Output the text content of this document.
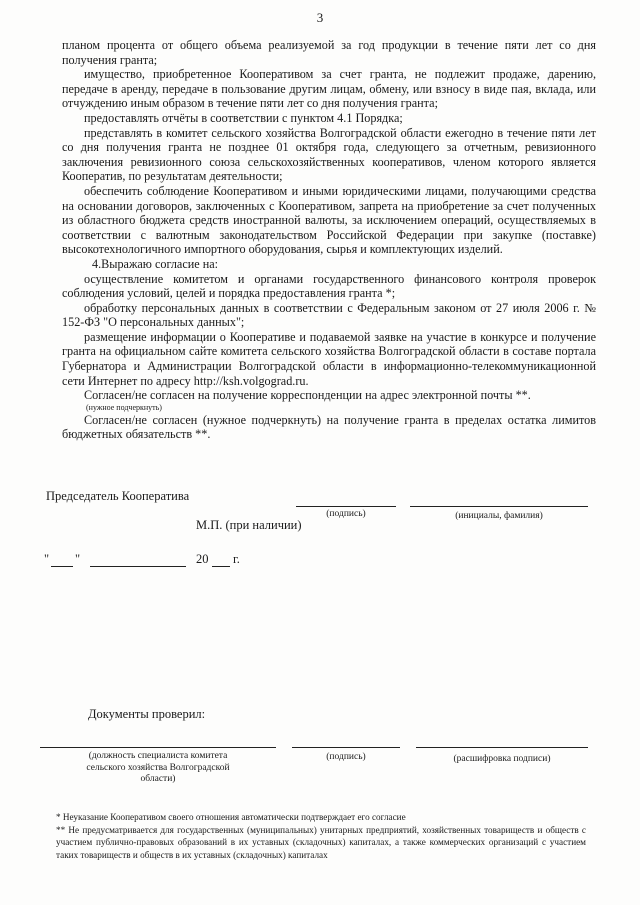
3

планом процента от общего объема реализуемой за год продукции в течение пяти лет со дня получения гранта;

имущество, приобретенное Кооперативом за счет гранта, не подлежит продаже, дарению, передаче в аренду, передаче в пользование другим лицам, обмену, или взносу в виде пая, вклада, или отчуждению иным образом в течение пяти лет со дня получения гранта;

предоставлять отчёты в соответствии с пунктом 4.1 Порядка;

представлять в комитет сельского хозяйства Волгоградской области ежегодно в течение пяти лет со дня получения гранта не позднее 01 октября года, следующего за отчетным, ревизионного заключения ревизионного союза сельскохозяйственных кооперативов, членом которого является Кооператив, по результатам деятельности;

обеспечить соблюдение Кооперативом и иными юридическими лицами, получающими средства на основании договоров, заключенных с Кооперативом, запрета на приобретение за счет полученных из областного бюджета средств иностранной валюты, за исключением операций, осуществляемых в соответствии с валютным законодательством Российской Федерации при закупке (поставке) высокотехнологичного импортного оборудования, сырья и комплектующих изделий.

4.Выражаю согласие на:

осуществление комитетом и органами государственного финансового контроля проверок соблюдения условий, целей и порядка предоставления гранта *;

обработку персональных данных в соответствии с Федеральным законом от 27 июля 2006 г. № 152-ФЗ "О персональных данных";

размещение информации о Кооперативе и подаваемой заявке на участие в конкурсе и получение гранта на официальном сайте комитета сельского хозяйства Волгоградской области в составе портала Губернатора и Администрации Волгоградской области в информационно-телекоммуникационной сети Интернет по адресу http://ksh.volgograd.ru.

Согласен/не согласен на получение корреспонденции на адрес электронной почты **.

(нужное подчеркнуть)

Согласен/не согласен (нужное подчеркнуть) на получение гранта в пределах остатка лимитов бюджетных обязательств **.

Председатель Кооператива
(подпись)	(инициалы, фамилия)
М.П. (при наличии)
" "	20 г.
Документы проверил:
(должность специалиста комитета сельского хозяйства Волгоградской области)
(подпись)	(расшифровка подписи)

* Неуказание Кооперативом своего отношения автоматически подтверждает его согласие

** Не предусматривается для государственных (муниципальных) унитарных предприятий, хозяйственных товариществ и обществ с участием публично-правовых образований в их уставных (складочных) капиталах, а также коммерческих организаций с участием таких товариществ и обществ в их уставных (складочных) капиталах
